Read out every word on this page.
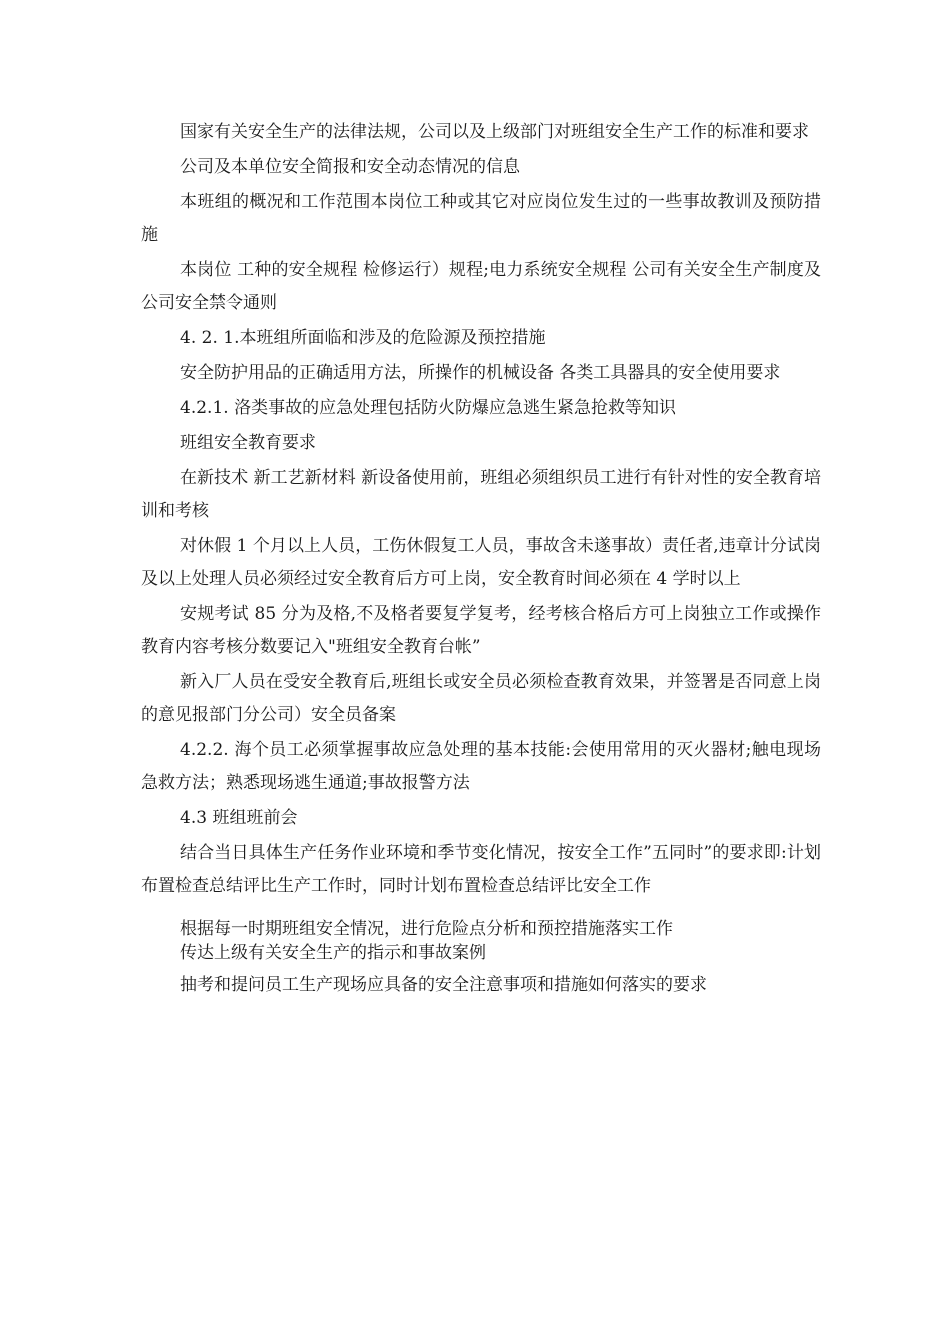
国家有关安全生产的法律法规，公司以及上级部门对班组安全生产工作的标准和要求

公司及本单位安全简报和安全动态情况的信息

本班组的概况和工作范围本岗位工种或其它对应岗位发生过的一些事故教训及预防措施

本岗位 工种的安全规程 检修运行）规程;电力系统安全规程 公司有关安全生产制度及公司安全禁令通则

4. 2. 1.本班组所面临和涉及的危险源及预控措施

安全防护用品的正确适用方法，所操作的机械设备 各类工具器具的安全使用要求

4.2.1. 洛类事故的应急处理包括防火防爆应急逃生紧急抢救等知识

班组安全教育要求

在新技术 新工艺新材料 新设备使用前，班组必须组织员工进行有针对性的安全教育培训和考核

对休假 1 个月以上人员，工伤休假复工人员，事故含未遂事故）责任者,违章计分试岗及以上处理人员必须经过安全教育后方可上岗，安全教育时间必须在 4 学时以上

安规考试 85 分为及格,不及格者要复学复考，经考核合格后方可上岗独立工作或操作教育内容考核分数要记入"班组安全教育台帐”

新入厂人员在受安全教育后,班组长或安全员必须检查教育效果，并签署是否同意上岗的意见报部门分公司）安全员备案

4.2.2. 海个员工必须掌握事故应急处理的基本技能:会使用常用的灭火器材;触电现场急救方法；熟悉现场逃生通道;事故报警方法

4.3 班组班前会

结合当日具体生产任务作业环境和季节变化情况，按安全工作”五同时”的要求即:计划布置检查总结评比生产工作时，同时计划布置检查总结评比安全工作

根据每一时期班组安全情况，进行危险点分析和预控措施落实工作

传达上级有关安全生产的指示和事故案例

抽考和提问员工生产现场应具备的安全注意事项和措施如何落实的要求
